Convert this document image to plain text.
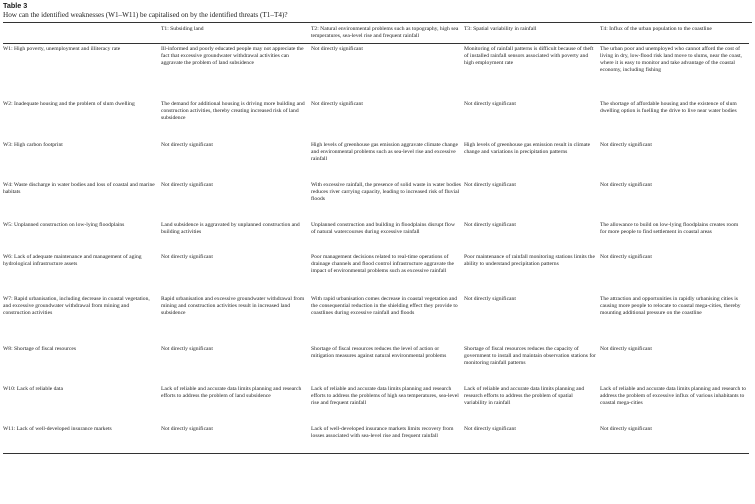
Table 3
How can the identified weaknesses (W1–W11) be capitalised on by the identified threats (T1–T4)?
	T1: Subsiding land	T2: Natural environmental problems such as topography, high sea temperatures, sea-level rise and frequent rainfall	T3: Spatial variability in rainfall	T4: Influx of the urban population to the coastline
W1: High poverty, unemployment and illiteracy rate	Ill-informed and poorly educated people may not appreciate the fact that excessive groundwater withdrawal activities can aggravate the problem of land subsidence	Not directly significant	Monitoring of rainfall patterns is difficult because of theft of installed rainfall sensors associated with poverty and high employment rate	The urban poor and unemployed who cannot afford the cost of living in dry, low-flood risk land move to slums, near the coast, where it is easy to monitor and take advantage of the coastal economy, including fishing
W2: Inadequate housing and the problem of slum dwelling	The demand for additional housing is driving more building and construction activities, thereby creating increased risk of land subsidence	Not directly significant	Not directly significant	The shortage of affordable housing and the existence of slum dwelling option is fuelling the drive to live near water bodies
W3: High carbon footprint	Not directly significant	High levels of greenhouse gas emission aggravate climate change and environmental problems such as sea-level rise and excessive rainfall	High levels of greenhouse gas emission result in climate change and variations in precipitation patterns	Not directly significant
W4: Waste discharge in water bodies and loss of coastal and marine habitats	Not directly significant	With excessive rainfall, the presence of solid waste in water bodies reduces river carrying capacity, leading to increased risk of fluvial floods	Not directly significant	Not directly significant
W5: Unplanned construction on low-lying floodplains	Land subsidence is aggravated by unplanned construction and building activities	Unplanned construction and building in floodplains disrupt flow of natural watercourses during excessive rainfall	Not directly significant	The allowance to build on low-lying floodplains creates room for more people to find settlement in coastal areas
W6: Lack of adequate maintenance and management of aging hydrological infrastructure assets	Not directly significant	Poor management decisions related to real-time operations of drainage channels and flood control infrastructure aggravate the impact of environmental problems such as excessive rainfall	Poor maintenance of rainfall monitoring stations limits the ability to understand precipitation patterns	Not directly significant
W7: Rapid urbanisation, including decrease in coastal vegetation, and excessive groundwater withdrawal from mining and construction activities	Rapid urbanisation and excessive groundwater withdrawal from mining and construction activities result in increased land subsidence	With rapid urbanisation comes decrease in coastal vegetation and the consequential reduction in the shielding effect they provide to coastlines during excessive rainfall and floods	Not directly significant	The attraction and opportunities in rapidly urbanising cities is causing more people to relocate to coastal mega-cities, thereby mounting additional pressure on the coastline
W8: Shortage of fiscal resources	Not directly significant	Shortage of fiscal resources reduces the level of action or mitigation measures against natural environmental problems	Shortage of fiscal resources reduces the capacity of government to install and maintain observation stations for monitoring rainfall patterns	Not directly significant
W10: Lack of reliable data	Lack of reliable and accurate data limits planning and research efforts to address the problem of land subsidence	Lack of reliable and accurate data limits planning and research efforts to address the problems of high sea temperatures, sea-level rise and frequent rainfall	Lack of reliable and accurate data limits planning and research efforts to address the problem of spatial variability in rainfall	Lack of reliable and accurate data limits planning and research to address the problem of excessive influx of various inhabitants to coastal mega-cities
W11: Lack of well-developed insurance markets	Not directly significant	Lack of well-developed insurance markets limits recovery from losses associated with sea-level rise and frequent rainfall	Not directly significant	Not directly significant
